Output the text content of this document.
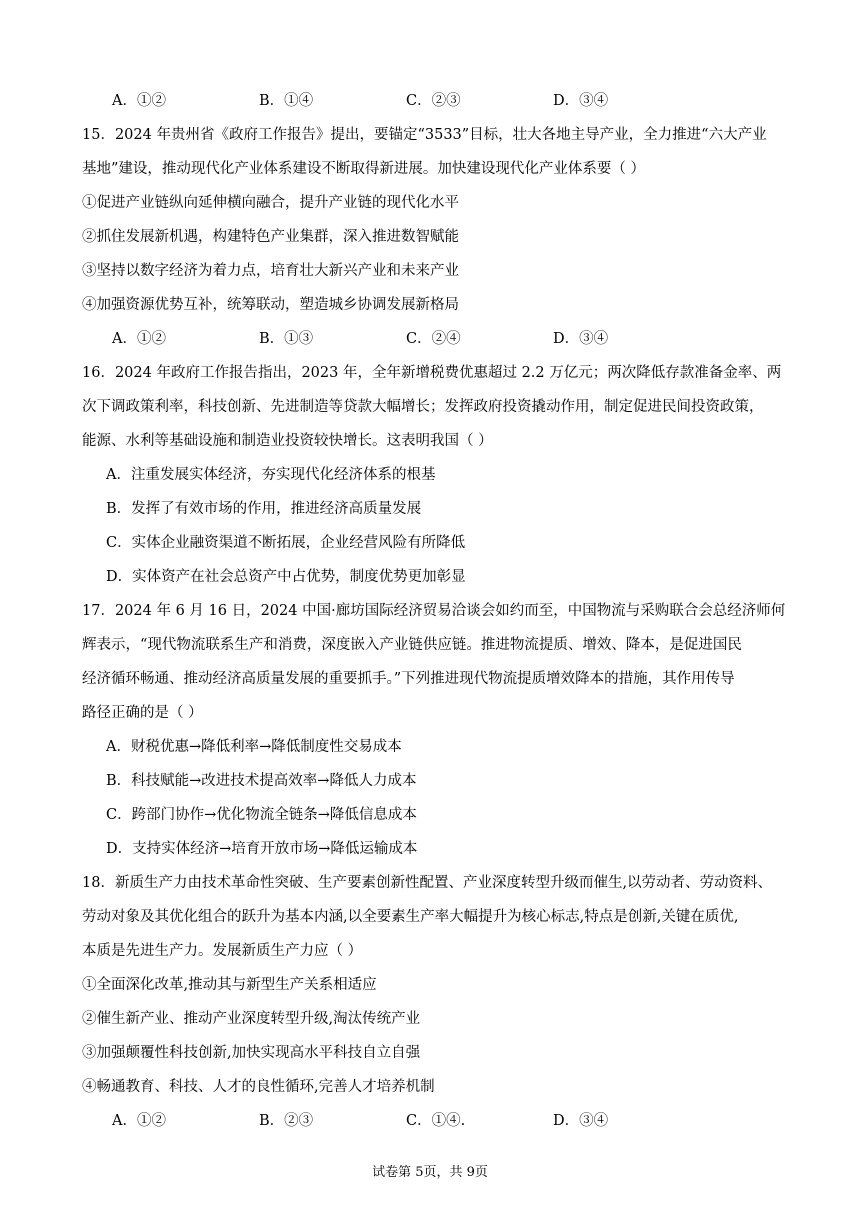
A．①②	B．①④	C．②③	D．③④
15．2024 年贵州省《政府工作报告》提出，要锚定“3533”目标，壮大各地主导产业，全力推进“六大产业
基地”建设，推动现代化产业体系建设不断取得新进展。加快建设现代化产业体系要（ ）
①促进产业链纵向延伸横向融合，提升产业链的现代化水平
②抓住发展新机遇，构建特色产业集群，深入推进数智赋能
③坚持以数字经济为着力点，培育壮大新兴产业和未来产业
④加强资源优势互补，统筹联动，塑造城乡协调发展新格局
A．①②	B．①③	C．②④	D．③④
16．2024 年政府工作报告指出，2023 年，全年新增税费优惠超过 2.2 万亿元；两次降低存款准备金率、两
次下调政策利率，科技创新、先进制造等贷款大幅增长；发挥政府投资撬动作用，制定促进民间投资政策，
能源、水利等基础设施和制造业投资较快增长。这表明我国（ ）
A．注重发展实体经济，夯实现代化经济体系的根基
B．发挥了有效市场的作用，推进经济高质量发展
C．实体企业融资渠道不断拓展，企业经营风险有所降低
D．实体资产在社会总资产中占优势，制度优势更加彰显
17．2024 年 6 月 16 日，2024 中国·廊坊国际经济贸易洽谈会如约而至，中国物流与采购联合会总经济师何
辉表示，“现代物流联系生产和消费，深度嵌入产业链供应链。推进物流提质、增效、降本，是促进国民
经济循环畅通、推动经济高质量发展的重要抓手。”下列推进现代物流提质增效降本的措施，其作用传导
路径正确的是（ ）
A．财税优惠→降低利率→降低制度性交易成本
B．科技赋能→改进技术提高效率→降低人力成本
C．跨部门协作→优化物流全链条→降低信息成本
D．支持实体经济→培育开放市场→降低运输成本
18．新质生产力由技术革命性突破、生产要素创新性配置、产业深度转型升级而催生,以劳动者、劳动资料、
劳动对象及其优化组合的跃升为基本内涵,以全要素生产率大幅提升为核心标志,特点是创新,关键在质优,
本质是先进生产力。发展新质生产力应（ ）
①全面深化改革,推动其与新型生产关系相适应
②催生新产业、推动产业深度转型升级,淘汰传统产业
③加强颠覆性科技创新,加快实现高水平科技自立自强
④畅通教育、科技、人才的良性循环,完善人才培养机制
A．①②	B．②③	C．①④.	D．③④
试卷第 5页，共 9页
